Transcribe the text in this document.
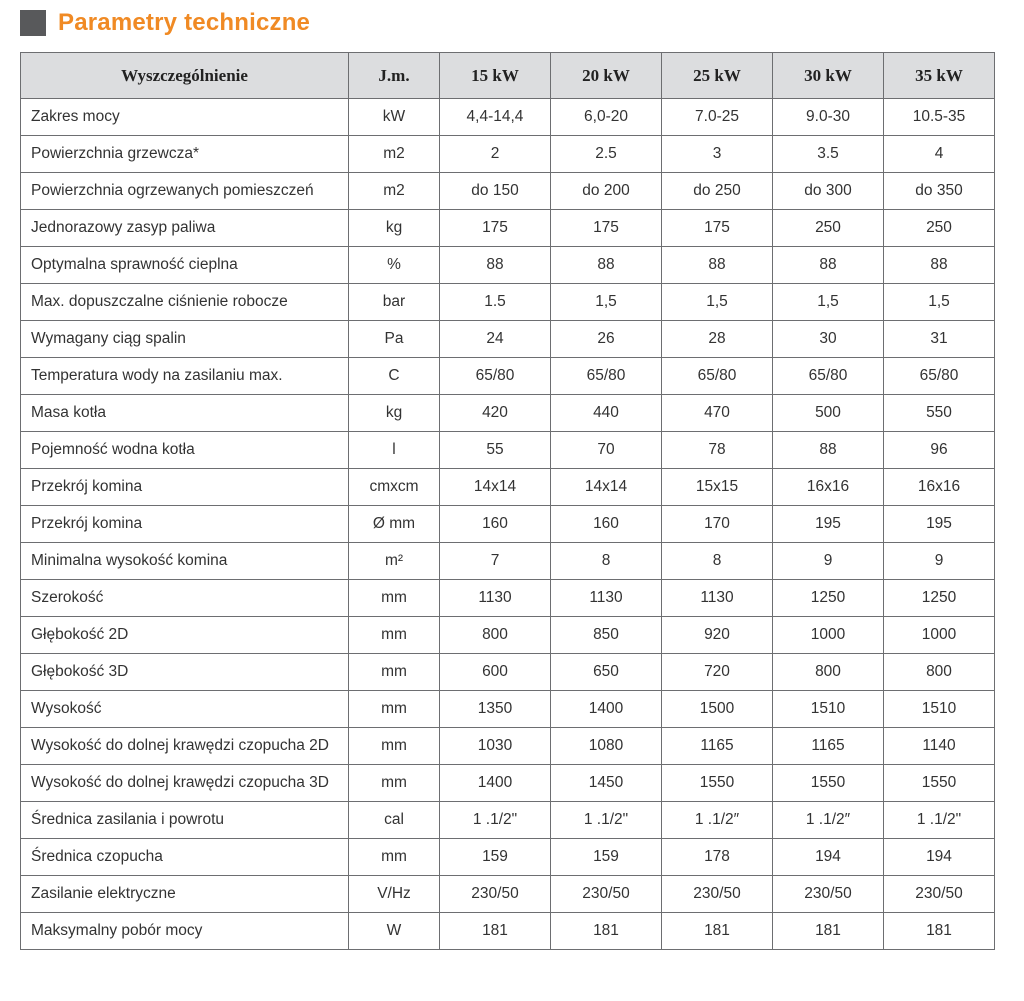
Parametry techniczne
Wyszczególnienie	J.m.	15 kW	20 kW	25 kW	30 kW	35 kW
Zakres mocy	kW	4,4-14,4	6,0-20	7.0-25	9.0-30	10.5-35
Powierzchnia grzewcza*	m2	2	2.5	3	3.5	4
Powierzchnia ogrzewanych pomieszczeń	m2	do 150	do 200	do 250	do 300	do 350
Jednorazowy zasyp paliwa	kg	175	175	175	250	250
Optymalna sprawność cieplna	%	88	88	88	88	88
Max. dopuszczalne ciśnienie robocze	bar	1.5	1,5	1,5	1,5	1,5
Wymagany ciąg spalin	Pa	24	26	28	30	31
Temperatura wody na zasilaniu max.	C	65/80	65/80	65/80	65/80	65/80
Masa kotła	kg	420	440	470	500	550
Pojemność wodna kotła	l	55	70	78	88	96
Przekrój komina	cmxcm	14x14	14x14	15x15	16x16	16x16
Przekrój komina	Ø mm	160	160	170	195	195
Minimalna wysokość komina	m²	7	8	8	9	9
Szerokość	mm	1130	1130	1130	1250	1250
Głębokość 2D	mm	800	850	920	1000	1000
Głębokość 3D	mm	600	650	720	800	800
Wysokość	mm	1350	1400	1500	1510	1510
Wysokość do dolnej krawędzi czopucha 2D	mm	1030	1080	1165	1165	1140
Wysokość do dolnej krawędzi czopucha 3D	mm	1400	1450	1550	1550	1550
Średnica zasilania i powrotu	cal	1 .1/2"	1 .1/2"	1 .1/2″	1 .1/2″	1 .1/2"
Średnica czopucha	mm	159	159	178	194	194
Zasilanie elektryczne	V/Hz	230/50	230/50	230/50	230/50	230/50
Maksymalny pobór mocy	W	181	181	181	181	181
